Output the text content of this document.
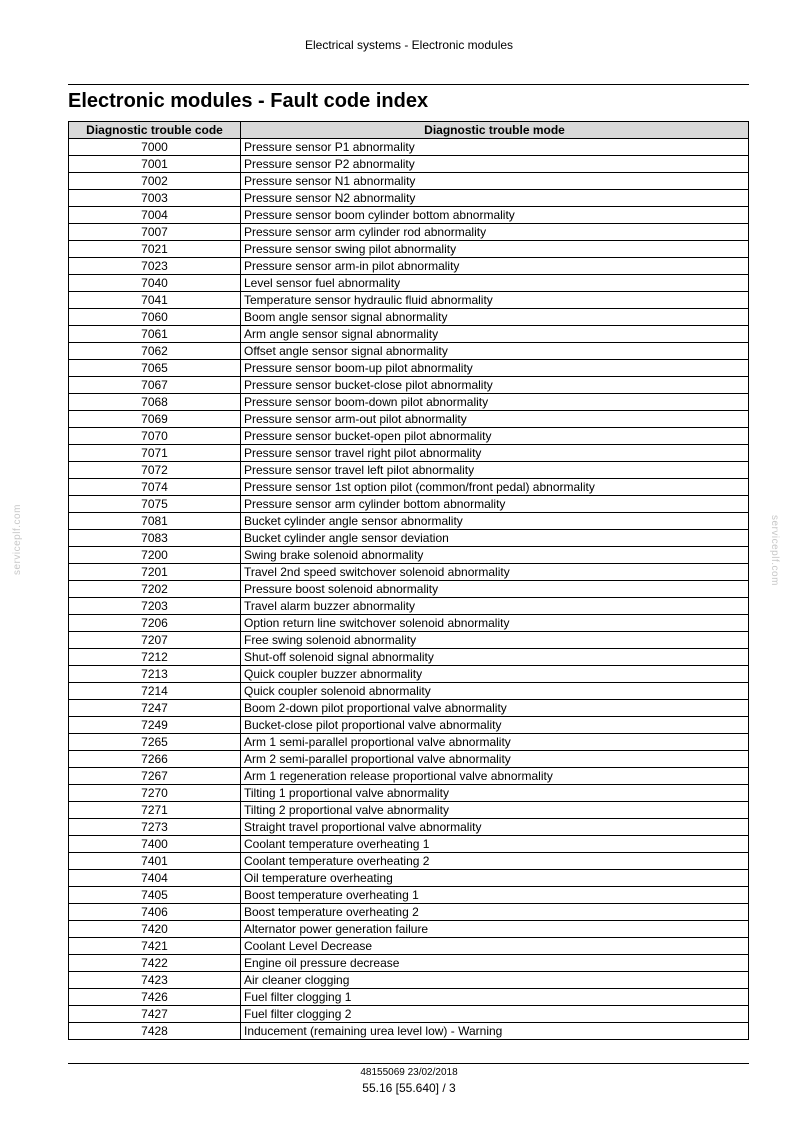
Electrical systems - Electronic modules
Electronic modules - Fault code index
Diagnostic trouble code	Diagnostic trouble mode
7000	Pressure sensor P1 abnormality
7001	Pressure sensor P2 abnormality
7002	Pressure sensor N1 abnormality
7003	Pressure sensor N2 abnormality
7004	Pressure sensor boom cylinder bottom abnormality
7007	Pressure sensor arm cylinder rod abnormality
7021	Pressure sensor swing pilot abnormality
7023	Pressure sensor arm-in pilot abnormality
7040	Level sensor fuel abnormality
7041	Temperature sensor hydraulic fluid abnormality
7060	Boom angle sensor signal abnormality
7061	Arm angle sensor signal abnormality
7062	Offset angle sensor signal abnormality
7065	Pressure sensor boom-up pilot abnormality
7067	Pressure sensor bucket-close pilot abnormality
7068	Pressure sensor boom-down pilot abnormality
7069	Pressure sensor arm-out pilot abnormality
7070	Pressure sensor bucket-open pilot abnormality
7071	Pressure sensor travel right pilot abnormality
7072	Pressure sensor travel left pilot abnormality
7074	Pressure sensor 1st option pilot (common/front pedal) abnormality
7075	Pressure sensor arm cylinder bottom abnormality
7081	Bucket cylinder angle sensor abnormality
7083	Bucket cylinder angle sensor deviation
7200	Swing brake solenoid abnormality
7201	Travel 2nd speed switchover solenoid abnormality
7202	Pressure boost solenoid abnormality
7203	Travel alarm buzzer abnormality
7206	Option return line switchover solenoid abnormality
7207	Free swing solenoid abnormality
7212	Shut-off solenoid signal abnormality
7213	Quick coupler buzzer abnormality
7214	Quick coupler solenoid abnormality
7247	Boom 2-down pilot proportional valve abnormality
7249	Bucket-close pilot proportional valve abnormality
7265	Arm 1 semi-parallel proportional valve abnormality
7266	Arm 2 semi-parallel proportional valve abnormality
7267	Arm 1 regeneration release proportional valve abnormality
7270	Tilting 1 proportional valve abnormality
7271	Tilting 2 proportional valve abnormality
7273	Straight travel proportional valve abnormality
7400	Coolant temperature overheating 1
7401	Coolant temperature overheating 2
7404	Oil temperature overheating
7405	Boost temperature overheating 1
7406	Boost temperature overheating 2
7420	Alternator power generation failure
7421	Coolant Level Decrease
7422	Engine oil pressure decrease
7423	Air cleaner clogging
7426	Fuel filter clogging 1
7427	Fuel filter clogging 2
7428	Inducement (remaining urea level low) - Warning
48155069 23/02/2018
55.16 [55.640] / 3
serviceplf.com	serviceplf.com
